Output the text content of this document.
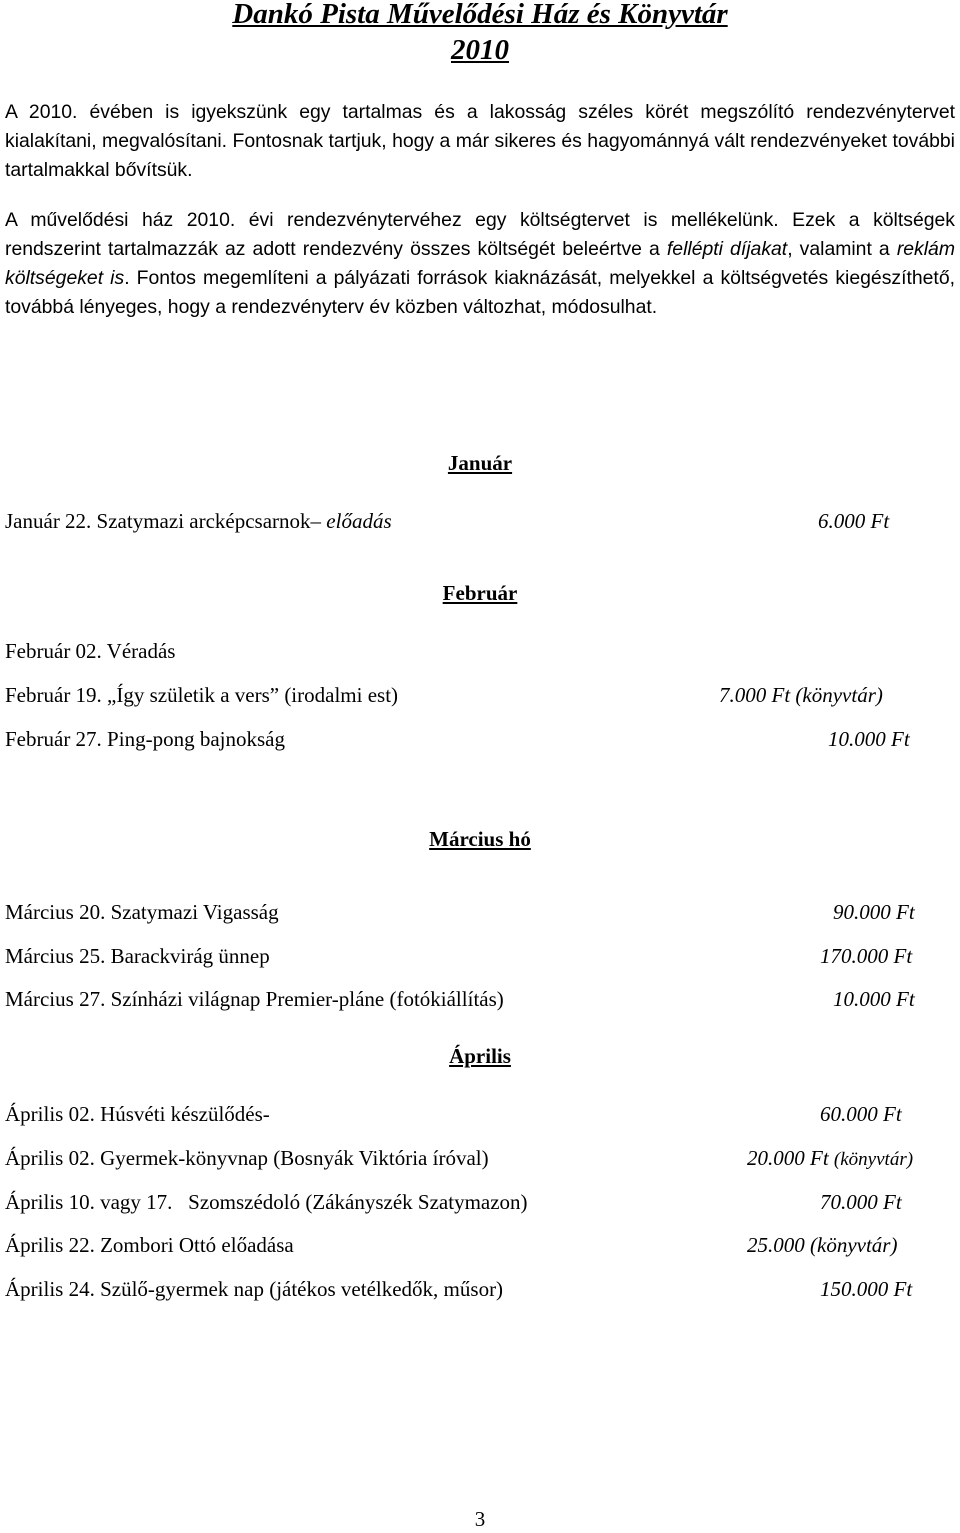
Dankó Pista Művelődési Ház és Könyvtár
2010

A 2010. évében is igyekszünk egy tartalmas és a lakosság széles körét megszólító rendezvénytervet kialakítani, megvalósítani. Fontosnak tartjuk, hogy a már sikeres és hagyománnyá vált rendezvényeket további tartalmakkal bővítsük.

A művelődési ház 2010. évi rendezvénytervéhez egy költségtervet is mellékelünk. Ezek a költségek rendszerint tartalmazzák az adott rendezvény összes költségét beleértve a fellépti díjakat, valamint a reklám költségeket is. Fontos megemlíteni a pályázati források kiaknázását, melyekkel a költségvetés kiegészíthető, továbbá lényeges, hogy a rendezvényterv év közben változhat, módosulhat.

Január
Január 22. Szatymazi arcképcsarnok– előadás	6.000 Ft
Február
Február 02. Véradás
Február 19. „Így születik a vers” (irodalmi est)	7.000 Ft (könyvtár)
Február 27. Ping-pong bajnokság	10.000 Ft
Március hó
Március 20. Szatymazi Vigasság	90.000 Ft
Március 25. Barackvirág ünnep	170.000 Ft
Március 27. Színházi világnap Premier-pláne (fotókiállítás)	10.000 Ft
Április
Április 02. Húsvéti készülődés-	60.000 Ft
Április 02. Gyermek-könyvnap (Bosnyák Viktória íróval)	20.000 Ft (könyvtár)
Április 10. vagy 17.   Szomszédoló (Zákányszék Szatymazon)	70.000 Ft
Április 22. Zombori Ottó előadása	25.000 (könyvtár)
Április 24. Szülő-gyermek nap (játékos vetélkedők, műsor)	150.000 Ft
3
